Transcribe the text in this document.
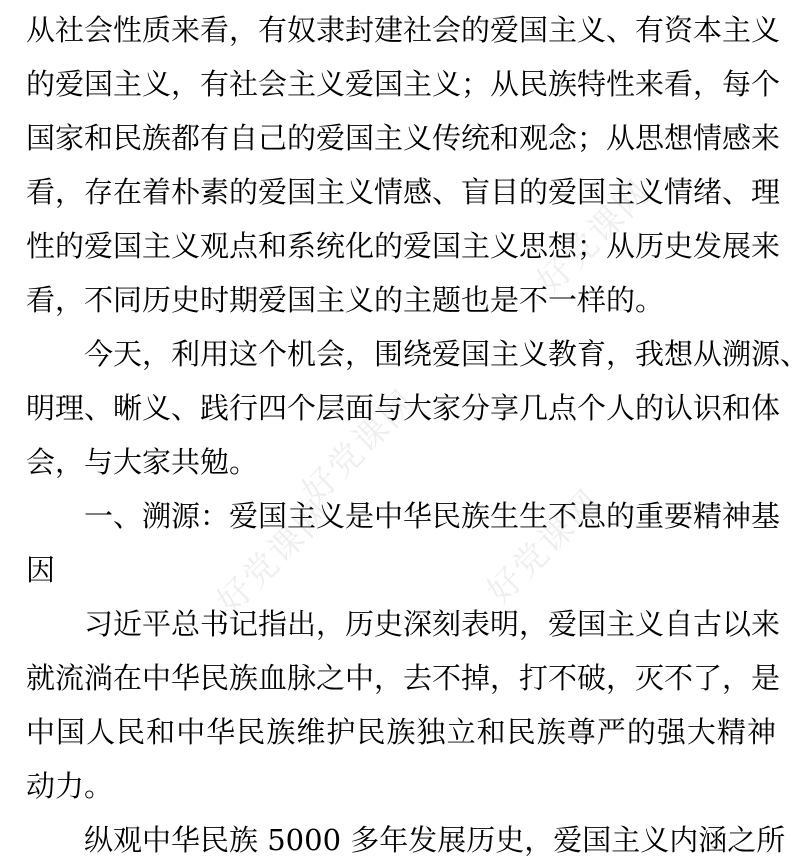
从社会性质来看，有奴隶封建社会的爱国主义、有资本主义
的爱国主义，有社会主义爱国主义；从民族特性来看，每个
国家和民族都有自己的爱国主义传统和观念；从思想情感来
看，存在着朴素的爱国主义情感、盲目的爱国主义情绪、理
性的爱国主义观点和系统化的爱国主义思想；从历史发展来
看，不同历史时期爱国主义的主题也是不一样的。
　　今天，利用这个机会，围绕爱国主义教育，我想从溯源、
明理、晰义、践行四个层面与大家分享几点个人的认识和体
会，与大家共勉。
　　一、溯源：爱国主义是中华民族生生不息的重要精神基
因
　　习近平总书记指出，历史深刻表明，爱国主义自古以来
就流淌在中华民族血脉之中，去不掉，打不破，灭不了，是
中国人民和中华民族维护民族独立和民族尊严的强大精神
动力。
　　纵观中华民族 5000 多年发展历史，爱国主义内涵之所
好党课网
好党课网
好党课网	好党课网
